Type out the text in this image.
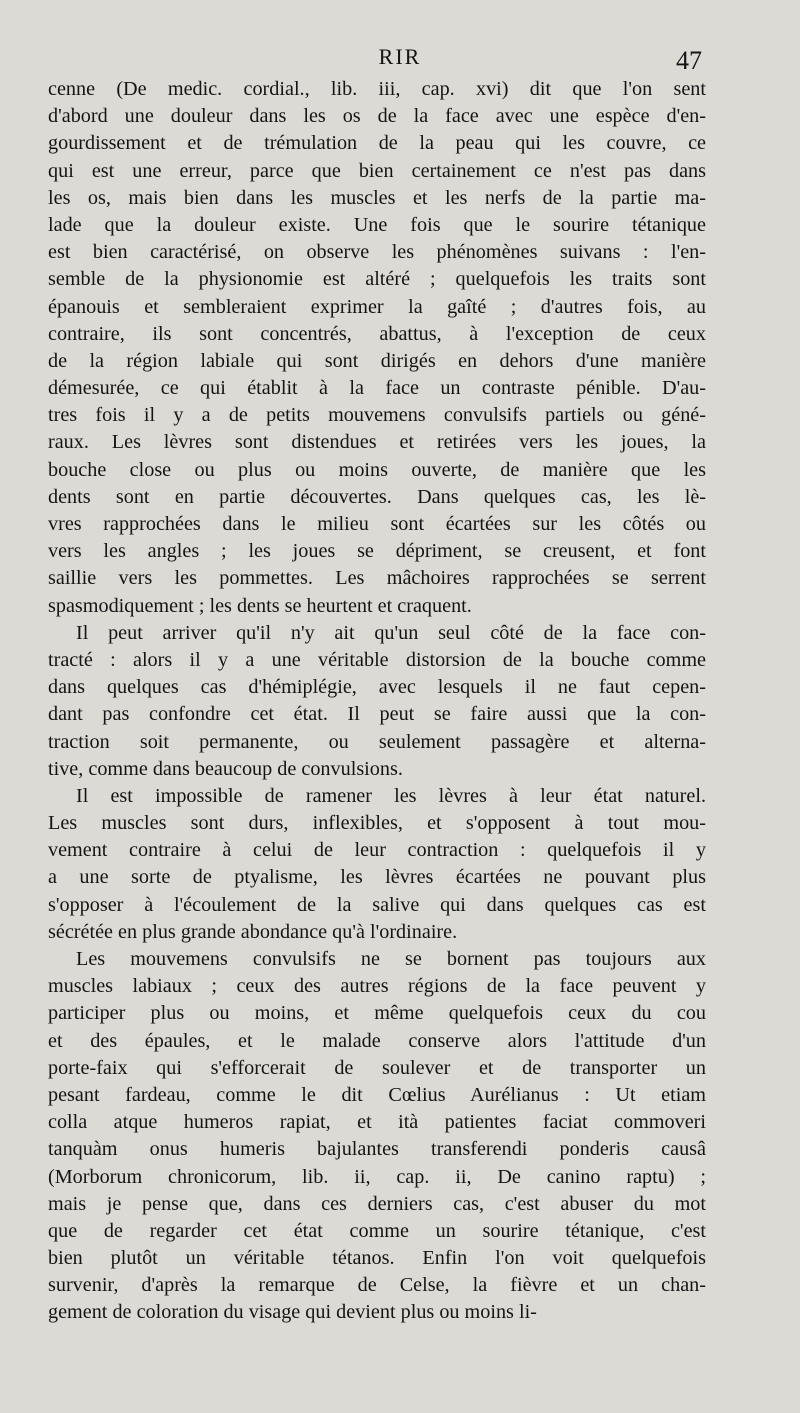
RIR	47
cenne (De medic. cordial., lib. iii, cap. xvi) dit que l'on sent
d'abord une douleur dans les os de la face avec une espèce d'en-
gourdissement et de trémulation de la peau qui les couvre, ce
qui est une erreur, parce que bien certainement ce n'est pas dans
les os, mais bien dans les muscles et les nerfs de la partie ma-
lade que la douleur existe. Une fois que le sourire tétanique
est bien caractérisé, on observe les phénomènes suivans : l'en-
semble de la physionomie est altéré ; quelquefois les traits sont
épanouis et sembleraient exprimer la gaîté ; d'autres fois, au
contraire, ils sont concentrés, abattus, à l'exception de ceux
de la région labiale qui sont dirigés en dehors d'une manière
démesurée, ce qui établit à la face un contraste pénible. D'au-
tres fois il y a de petits mouvemens convulsifs partiels ou géné-
raux. Les lèvres sont distendues et retirées vers les joues, la
bouche close ou plus ou moins ouverte, de manière que les
dents sont en partie découvertes. Dans quelques cas, les lè-
vres rapprochées dans le milieu sont écartées sur les côtés ou
vers les angles ; les joues se dépriment, se creusent, et font
saillie vers les pommettes. Les mâchoires rapprochées se serrent
spasmodiquement ; les dents se heurtent et craquent.
Il peut arriver qu'il n'y ait qu'un seul côté de la face con-
tracté : alors il y a une véritable distorsion de la bouche comme
dans quelques cas d'hémiplégie, avec lesquels il ne faut cepen-
dant pas confondre cet état. Il peut se faire aussi que la con-
traction soit permanente, ou seulement passagère et alterna-
tive, comme dans beaucoup de convulsions.
Il est impossible de ramener les lèvres à leur état naturel.
Les muscles sont durs, inflexibles, et s'opposent à tout mou-
vement contraire à celui de leur contraction : quelquefois il y
a une sorte de ptyalisme, les lèvres écartées ne pouvant plus
s'opposer à l'écoulement de la salive qui dans quelques cas est
sécrétée en plus grande abondance qu'à l'ordinaire.
Les mouvemens convulsifs ne se bornent pas toujours aux
muscles labiaux ; ceux des autres régions de la face peuvent y
participer plus ou moins, et même quelquefois ceux du cou
et des épaules, et le malade conserve alors l'attitude d'un
porte-faix qui s'efforcerait de soulever et de transporter un
pesant fardeau, comme le dit Cœlius Aurélianus : Ut etiam
colla atque humeros rapiat, et ità patientes faciat commoveri
tanquàm onus humeris bajulantes transferendi ponderis causâ
(Morborum chronicorum, lib. ii, cap. ii, De canino raptu) ;
mais je pense que, dans ces derniers cas, c'est abuser du mot
que de regarder cet état comme un sourire tétanique, c'est
bien plutôt un véritable tétanos. Enfin l'on voit quelquefois
survenir, d'après la remarque de Celse, la fièvre et un chan-
gement de coloration du visage qui devient plus ou moins li-
